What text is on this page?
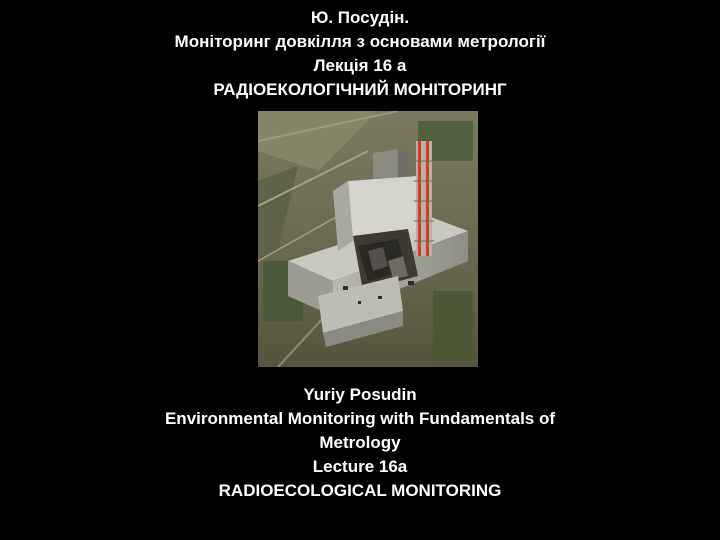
Ю. Посудін.
Моніторинг довкілля з основами метрології
Лекція 16 а
РАДІОЕКОЛОГІЧНИЙ МОНІТОРИНГ
Yuriy Posudin
Environmental Monitoring with Fundamentals of
Metrology
Lecture 16a
RADIOECOLOGICAL MONITORING
